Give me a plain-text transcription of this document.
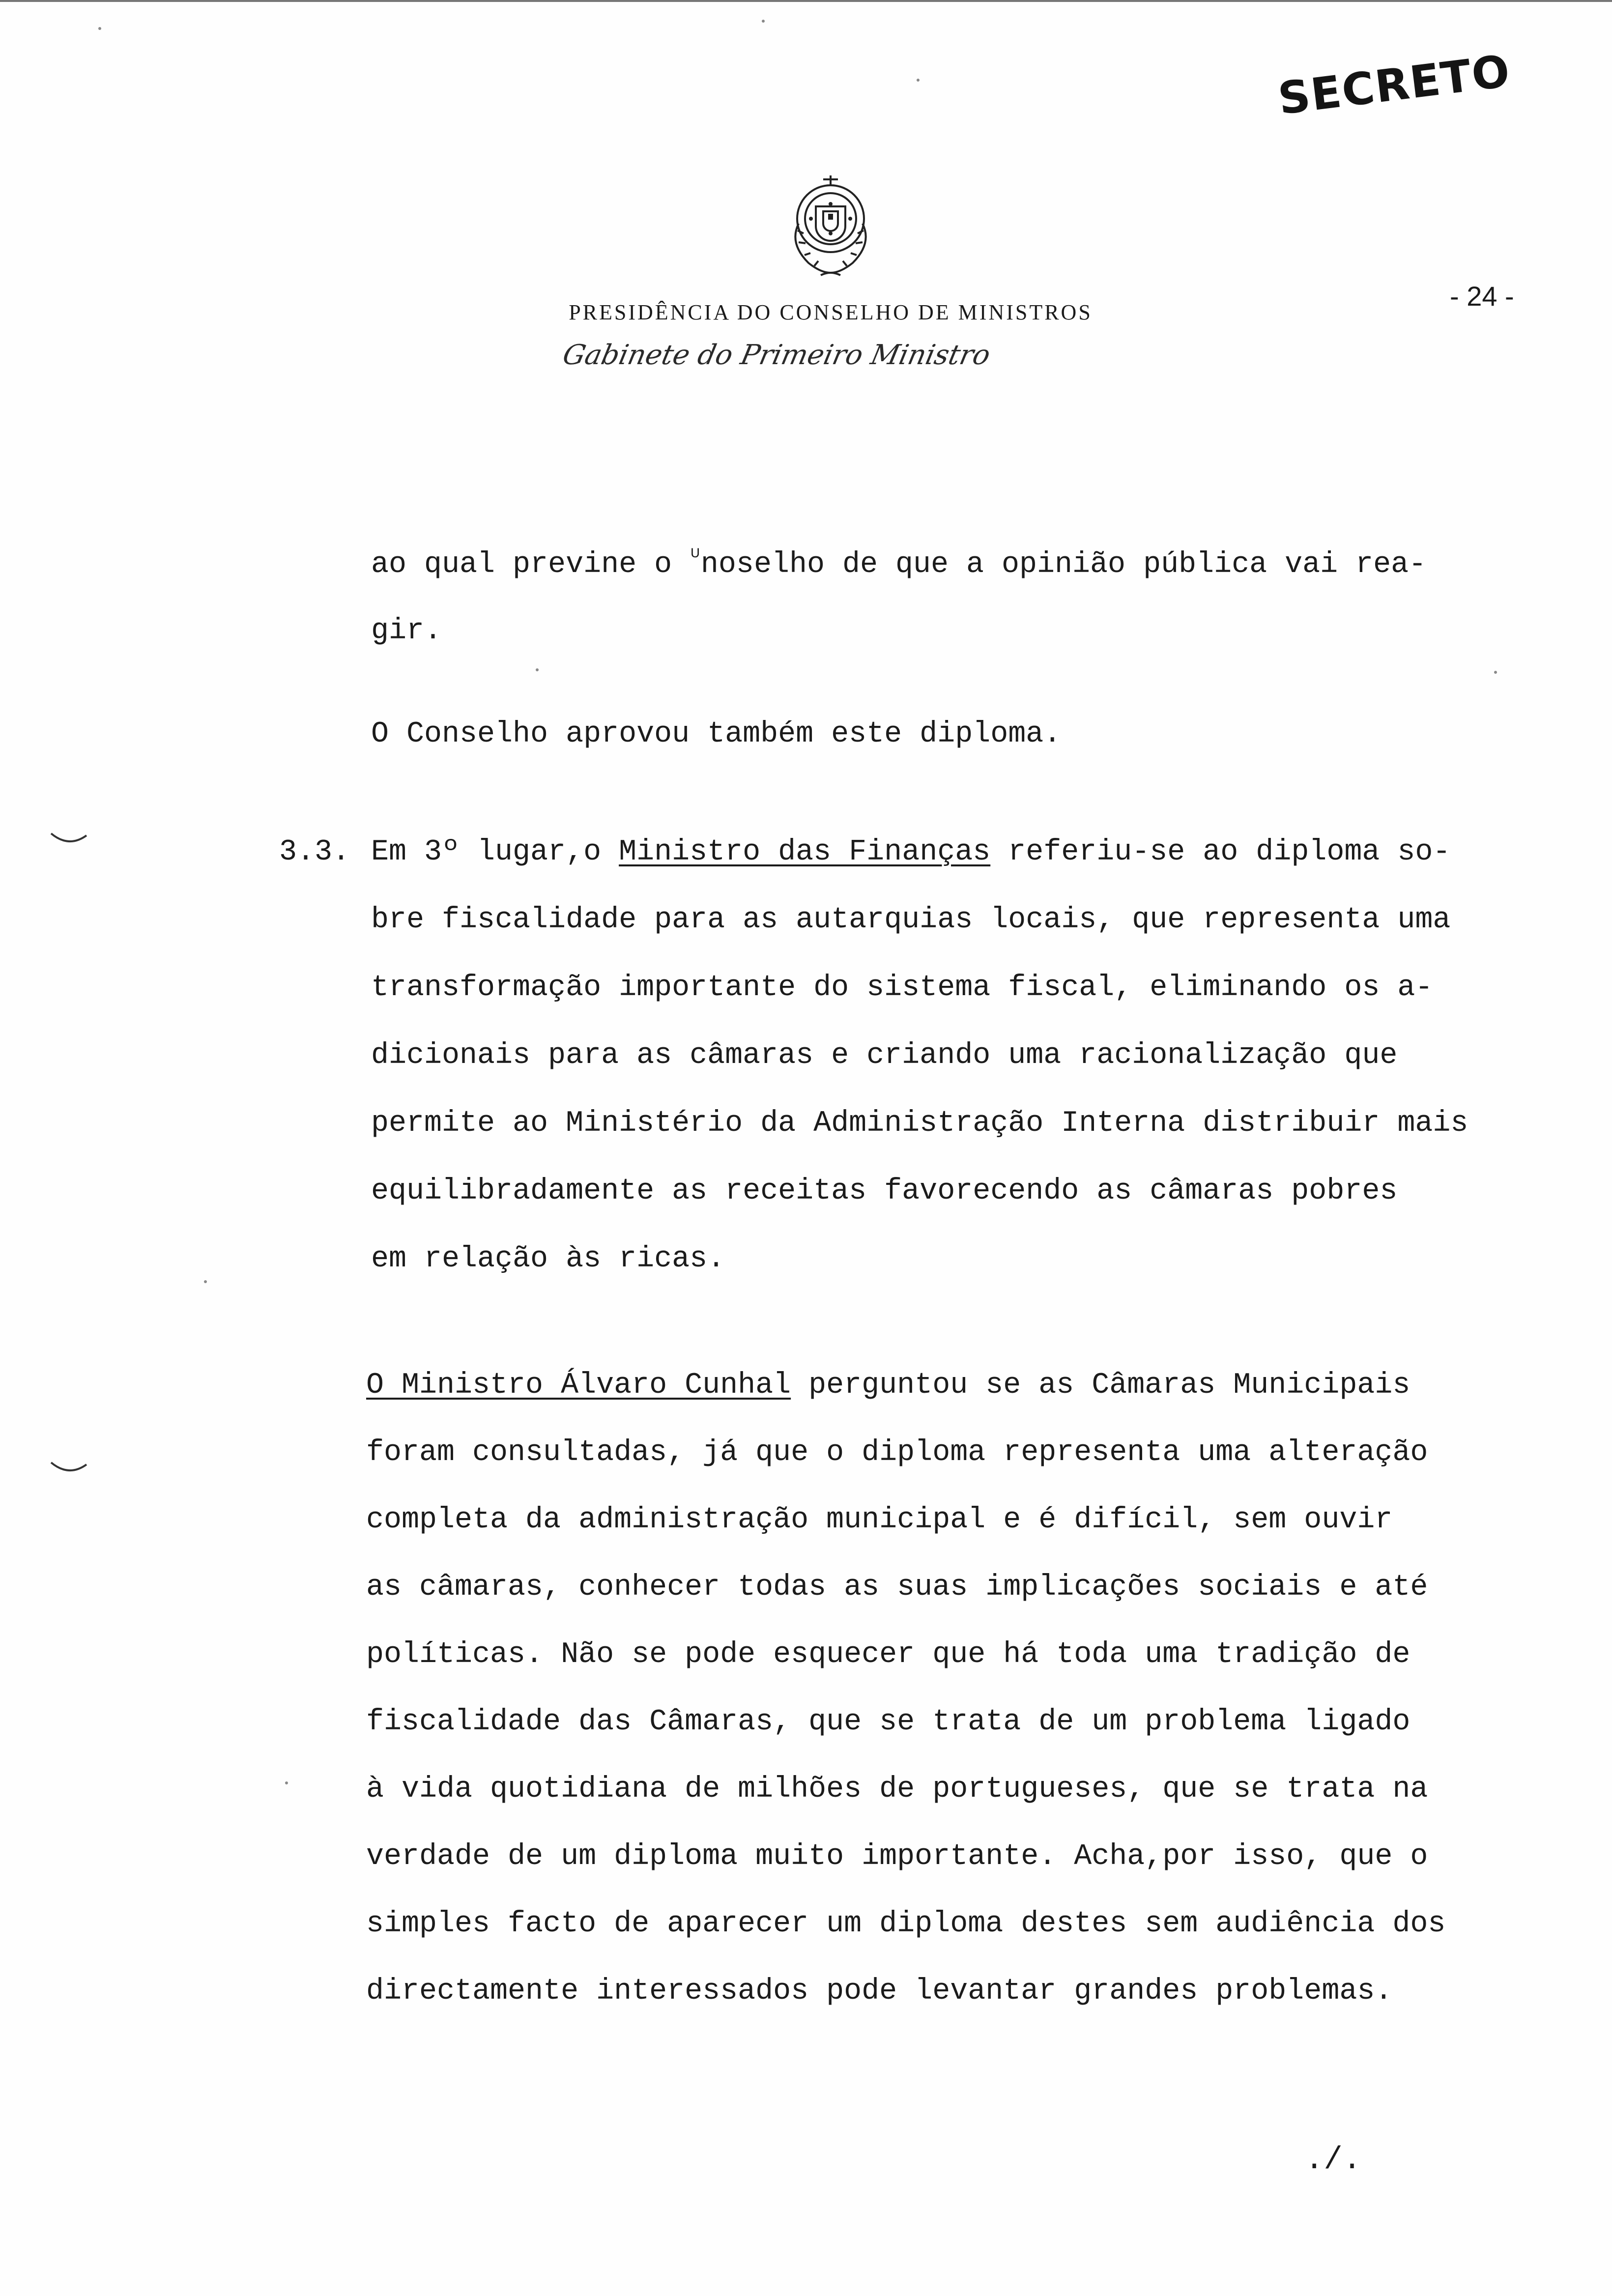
SECRETO
PRESIDÊNCIA DO CONSELHO DE MINISTROS
Gabinete do Primeiro Ministro
- 24 -
ao qual previne o $^ᵁ$noselho de que a opinião pública vai rea-
gir.
O Conselho aprovou também este diploma.
3.3. Em 3º lugar,o Ministro das Finanças referiu-se ao diploma so-
bre fiscalidade para as autarquias locais, que representa uma
transformação importante do sistema fiscal, eliminando os a-
dicionais para as câmaras e criando uma racionalização que
permite ao Ministério da Administração Interna distribuir mais
equilibradamente as receitas favorecendo as câmaras pobres
em relação às ricas.
O Ministro Álvaro Cunhal perguntou se as Câmaras Municipais
foram consultadas, já que o diploma representa uma alteração
completa da administração municipal e é difícil, sem ouvir
as câmaras, conhecer todas as suas implicações sociais e até
políticas. Não se pode esquecer que há toda uma tradição de
fiscalidade das Câmaras, que se trata de um problema ligado
à vida quotidiana de milhões de portugueses, que se trata na
verdade de um diploma muito importante. Acha,por isso, que o
simples facto de aparecer um diploma destes sem audiência dos
directamente interessados pode levantar grandes problemas.
./.
